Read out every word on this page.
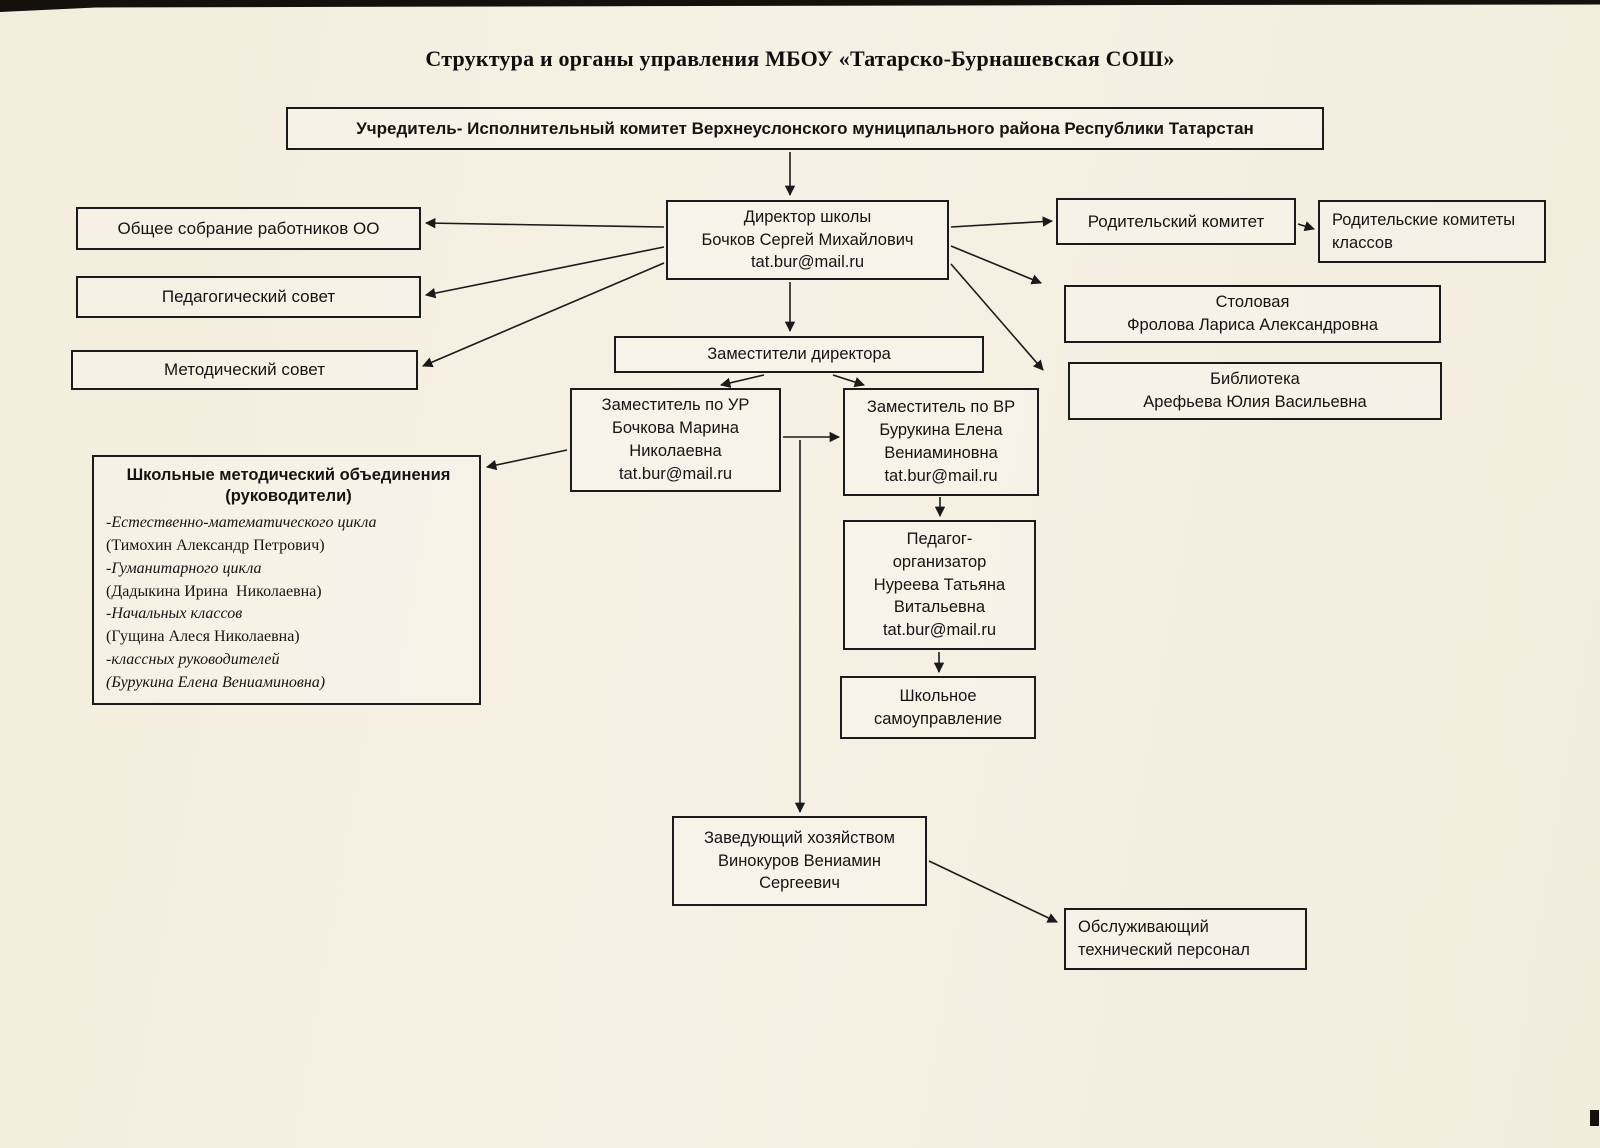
Структура и органы управления МБОУ «Татарско-Бурнашевская СОШ»
Учредитель- Исполнительный комитет Верхнеуслонского муниципального района Республики Татарстан
Директор школы
Бочков Сергей Михайлович
tat.bur@mail.ru
Общее собрание работников ОО
Педагогический совет
Методический совет
Родительский комитет	Родительские комитеты
классов
Столовая
Фролова Лариса Александровна
Библиотека
Арефьева Юлия Васильевна
Заместители директора
Заместитель по УР
Бочкова Марина
Николаевна
tat.bur@mail.ru
Заместитель по ВР
Бурукина Елена
Вениаминовна
tat.bur@mail.ru
Школьные методический объединения
(руководители)
-Естественно-математического цикла
(Тимохин Александр Петрович)
-Гуманитарного цикла
(Дадыкина Ирина  Николаевна)
-Начальных классов
(Гущина Алеся Николаевна)
-классных руководителей
(Бурукина Елена Вениаминовна)
Педагог-
организатор
Нуреева Татьяна
Витальевна
tat.bur@mail.ru
Школьное
самоуправление
Заведующий хозяйством
Винокуров Вениамин
Сергеевич
Обслуживающий
технический персонал
